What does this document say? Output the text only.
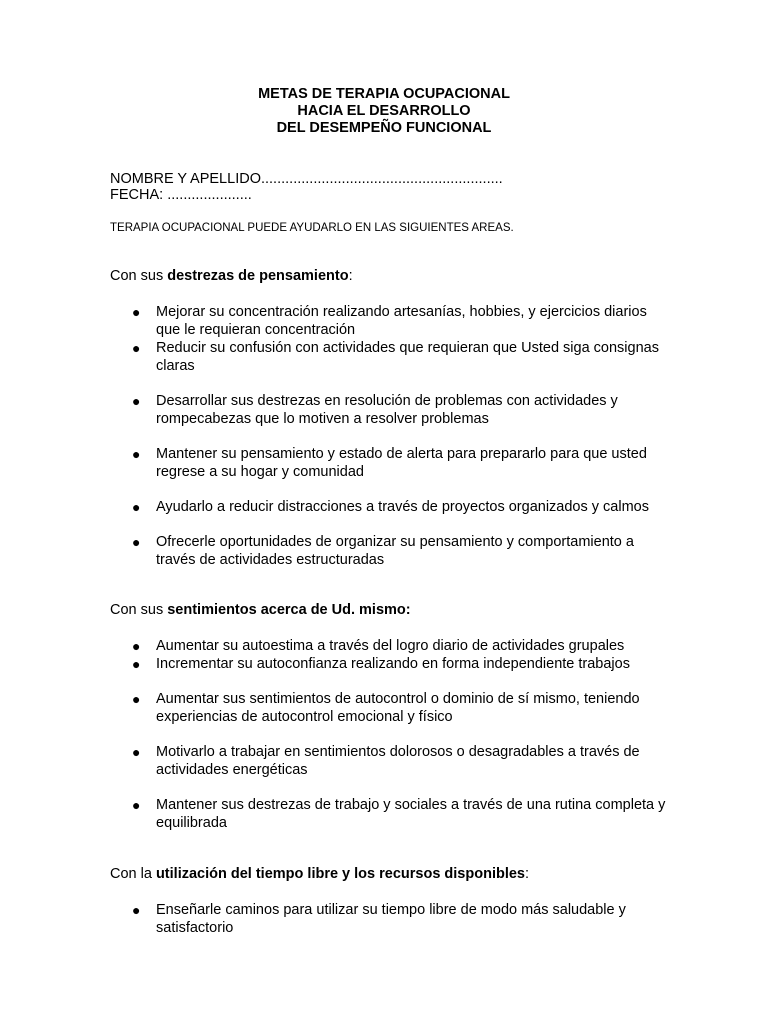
METAS DE TERAPIA OCUPACIONAL
HACIA EL DESARROLLO
DEL DESEMPEÑO FUNCIONAL
NOMBRE Y APELLIDO............................................................
FECHA: .....................
TERAPIA OCUPACIONAL PUEDE AYUDARLO EN LAS SIGUIENTES AREAS.
Con sus destrezas de pensamiento:
● Mejorar su concentración realizando artesanías, hobbies, y ejercicios diarios que le requieran concentración
● Reducir su confusión con actividades que requieran que Usted siga consignas claras
● Desarrollar sus destrezas en resolución de problemas con actividades y rompecabezas que lo motiven a resolver problemas
● Mantener su pensamiento y estado de alerta para prepararlo para que usted regrese a su hogar y comunidad
● Ayudarlo a reducir distracciones a través de proyectos organizados y calmos
● Ofrecerle oportunidades de organizar su pensamiento y comportamiento a través de actividades estructuradas
Con sus sentimientos acerca de Ud. mismo:
● Aumentar su autoestima a través del logro diario de actividades grupales
● Incrementar su autoconfianza realizando en forma independiente trabajos
● Aumentar sus sentimientos de autocontrol o dominio de sí mismo, teniendo experiencias de autocontrol emocional y físico
● Motivarlo a trabajar en sentimientos dolorosos o desagradables a través de actividades energéticas
● Mantener sus destrezas de trabajo y sociales a través de una rutina completa y equilibrada
Con la utilización del tiempo libre y los recursos disponibles:
● Enseñarle caminos para utilizar su tiempo libre de modo más saludable y satisfactorio
